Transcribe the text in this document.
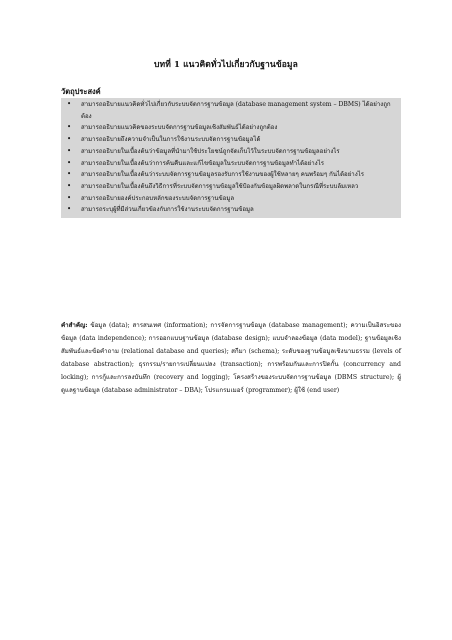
บทที่ 1 แนวคิดทั่วไปเกี่ยวกับฐานข้อมูล
วัตถุประสงค์

• สามารถอธิบายแนวคิดทั่วไปเกี่ยวกับระบบจัดการฐานข้อมูล (database management system – DBMS) ได้อย่างถูกต้อง

• สามารถอธิบายแนวคิดของระบบจัดการฐานข้อมูลเชิงสัมพันธ์ได้อย่างถูกต้อง

• สามารถอธิบายถึงความจำเป็นในการใช้งานระบบจัดการฐานข้อมูลได้

• สามารถอธิบายในเบื้องต้นว่าข้อมูลที่นำมาใช้ประโยชน์ถูกจัดเก็บไว้ในระบบจัดการฐานข้อมูลอย่างไร

• สามารถอธิบายในเบื้องต้นว่าการค้นคืนและแก้ไขข้อมูลในระบบจัดการฐานข้อมูลทำได้อย่างไร

• สามารถอธิบายในเบื้องต้นว่าระบบจัดการฐานข้อมูลรองรับการใช้งานของผู้ใช้หลายๆ คนพร้อมๆ กันได้อย่างไร

• สามารถอธิบายในเบื้องต้นถึงวิธีการที่ระบบจัดการฐานข้อมูลใช้ป้องกันข้อมูลผิดพลาดในกรณีที่ระบบล้มเหลว

• สามารถอธิบายองค์ประกอบหลักของระบบจัดการฐานข้อมูล

• สามารถระบุผู้ที่มีส่วนเกี่ยวข้องกับการใช้งานระบบจัดการฐานข้อมูล

คำสำคัญ: ข้อมูล (data); สารสนเทศ (information); การจัดการฐานข้อมูล (database management); ความเป็นอิสระของข้อมูล (data independence); การออกแบบฐานข้อมูล (database design); แบบจำลองข้อมูล (data model); ฐานข้อมูลเชิงสัมพันธ์และข้อคำถาม (relational database and queries); สกีมา (schema); ระดับของฐานข้อมูลเชิงนามธรรม (levels of database abstraction); ธุรกรรม/รายการเปลี่ยนแปลง (transaction); การพร้อมกันและการปิดกั้น (concurrency and locking); การกู้และการลงบันทึก (recovery and logging); โครงสร้างของระบบจัดการฐานข้อมูล (DBMS structure); ผู้ดูแลฐานข้อมูล (database administrator – DBA); โปรแกรมเมอร์ (programmer); ผู้ใช้ (end user)
